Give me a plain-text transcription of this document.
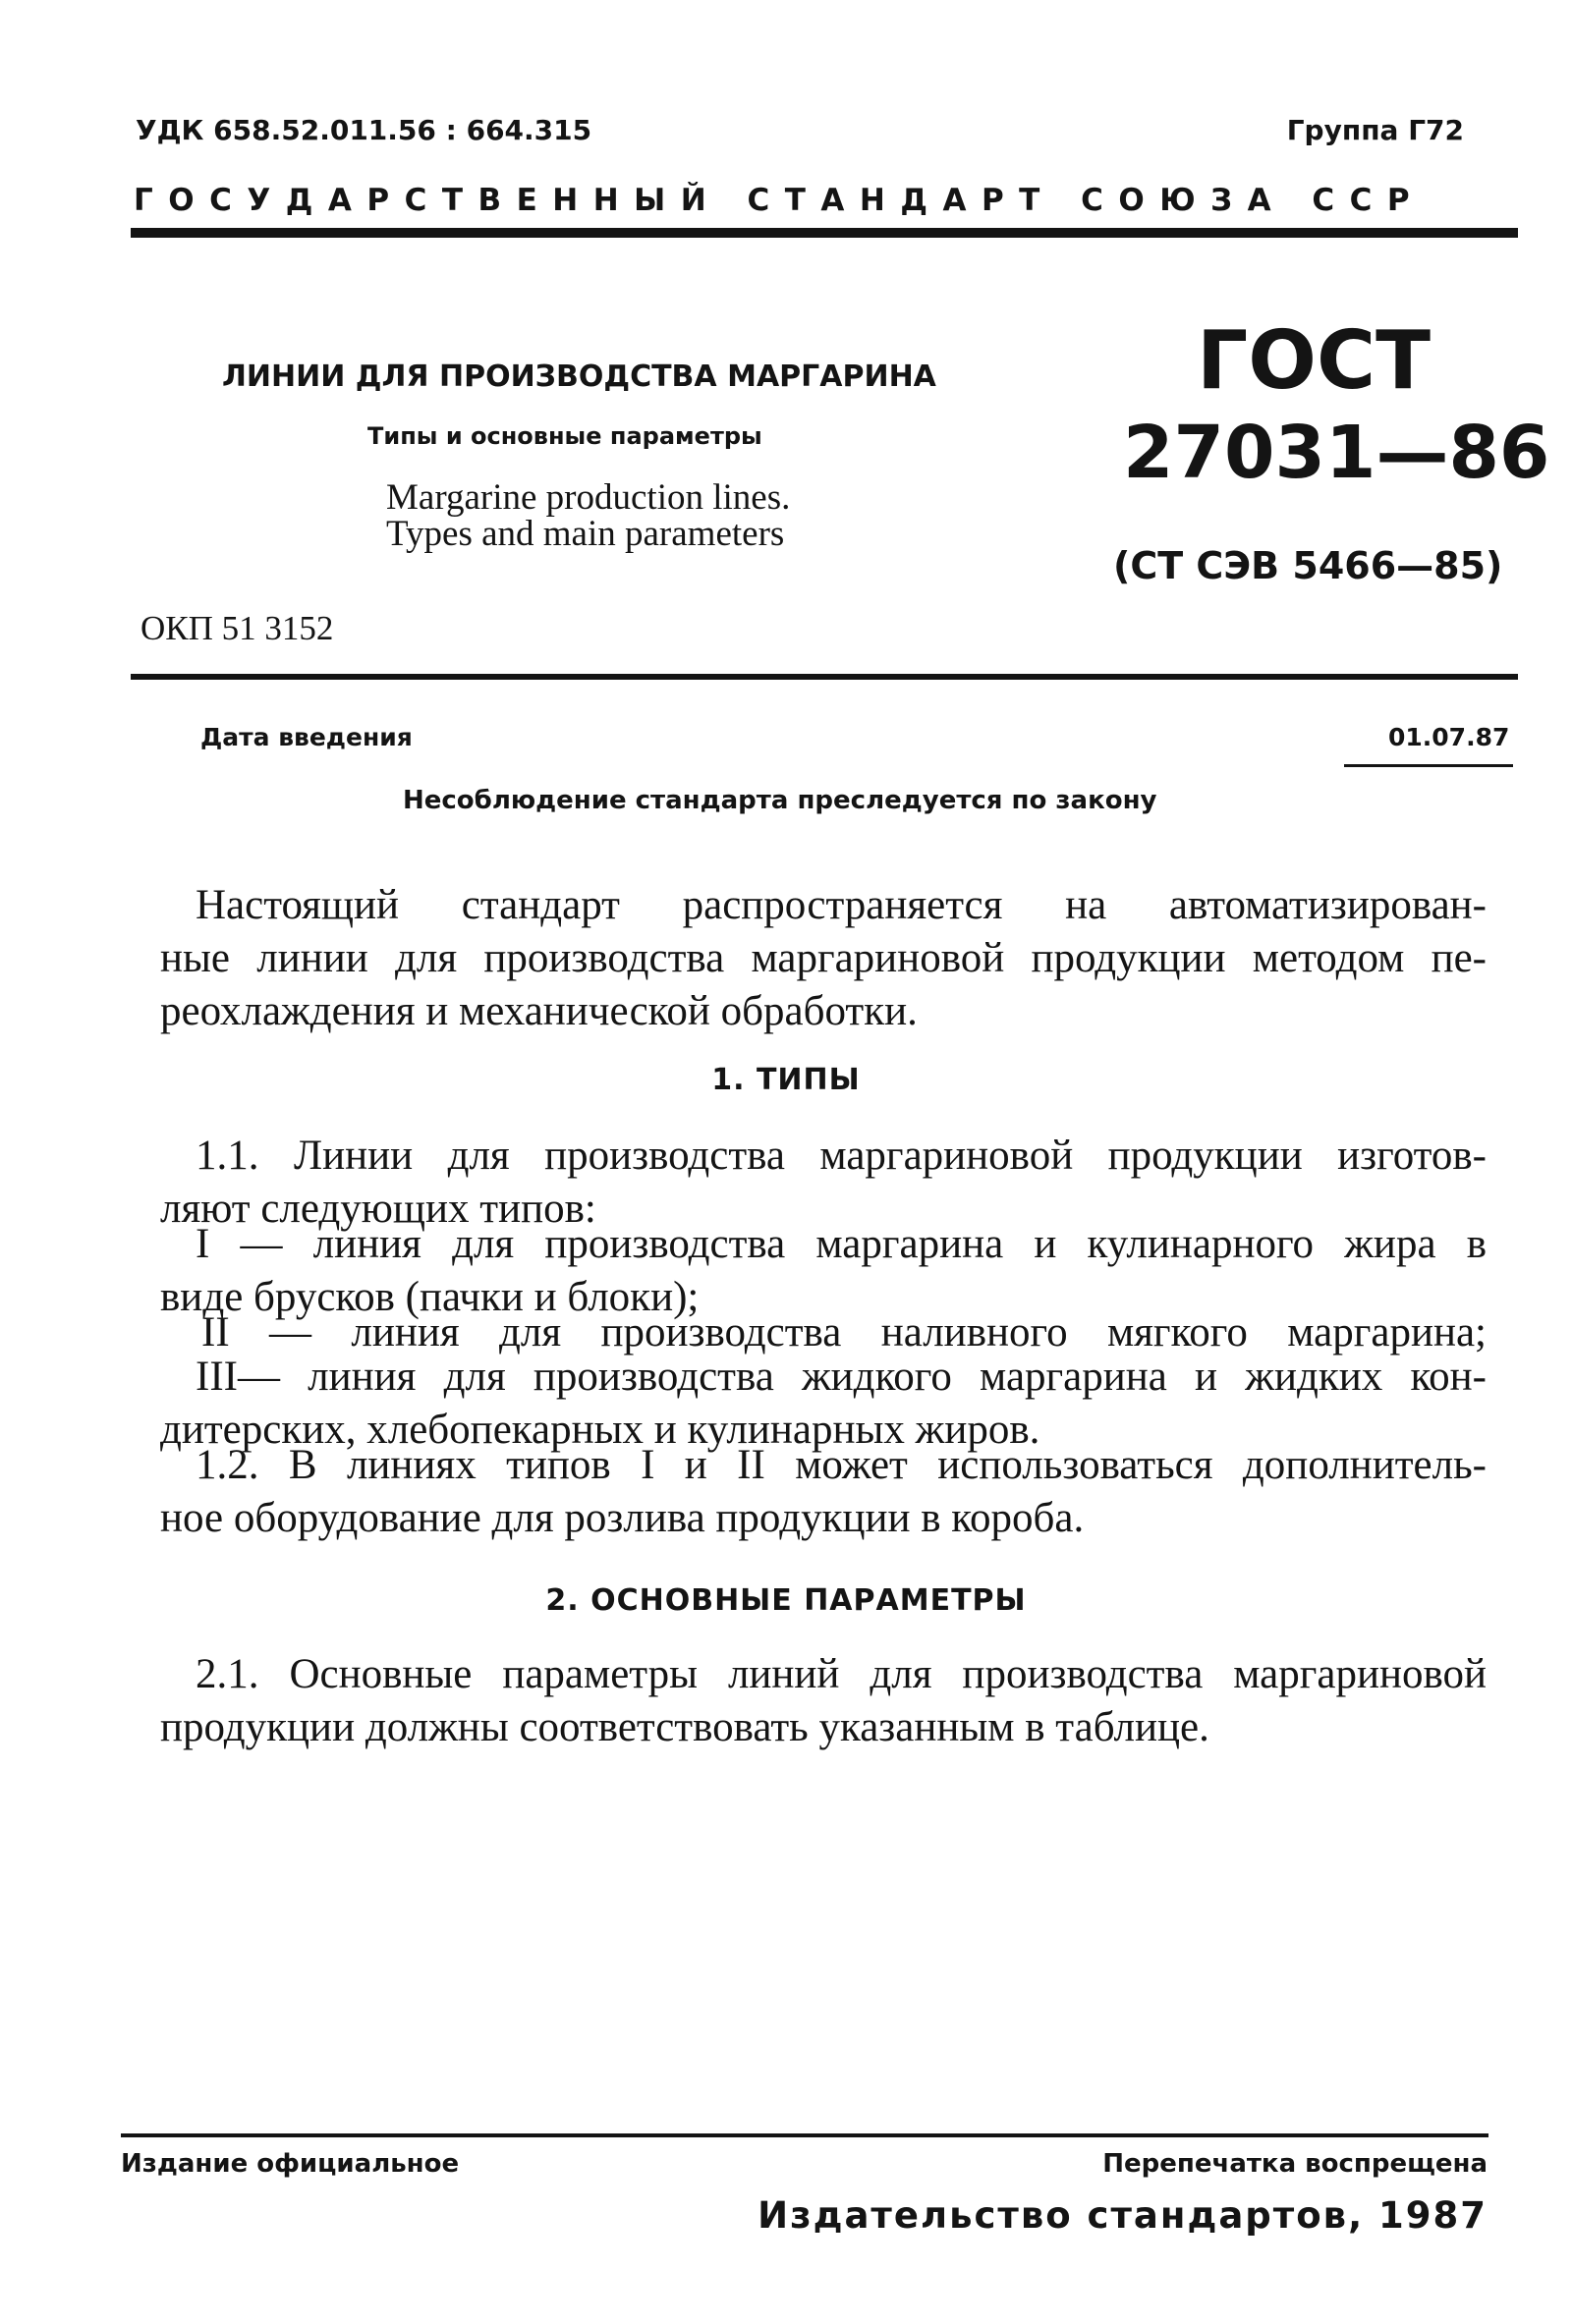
УДК 658.52.011.56 : 664.315	Группа Г72
ГОСУДАРСТВЕННЫЙ СТАНДАРТ СОЮЗА ССР
ЛИНИИ ДЛЯ ПРОИЗВОДСТВА МАРГАРИНА
Типы и основные параметры
Margarine production lines.
Types and main parameters
ОКП 51 3152
ГОСТ
27031—86
(СТ СЭВ 5466—85)
Дата введения	01.07.87
Несоблюдение стандарта преследуется по закону
Настоящий стандарт распространяется на автоматизирован-
ные линии для производства маргариновой продукции методом пе-
реохлаждения и механической обработки.
1. ТИПЫ
1.1. Линии для производства маргариновой продукции изготов-
ляют следующих типов:
I — линия для производства маргарина и кулинарного жира в
виде брусков (пачки и блоки);
II — линия для производства наливного мягкого маргарина;
III— линия для производства жидкого маргарина и жидких кон-
дитерских, хлебопекарных и кулинарных жиров.
1.2. В линиях типов I и II может использоваться дополнитель-
ное оборудование для розлива продукции в короба.
2. ОСНОВНЫЕ ПАРАМЕТРЫ
2.1. Основные параметры линий для производства маргариновой
продукции должны соответствовать указанным в таблице.
Издание официальное	Перепечатка воспрещена
Издательство стандартов, 1987
